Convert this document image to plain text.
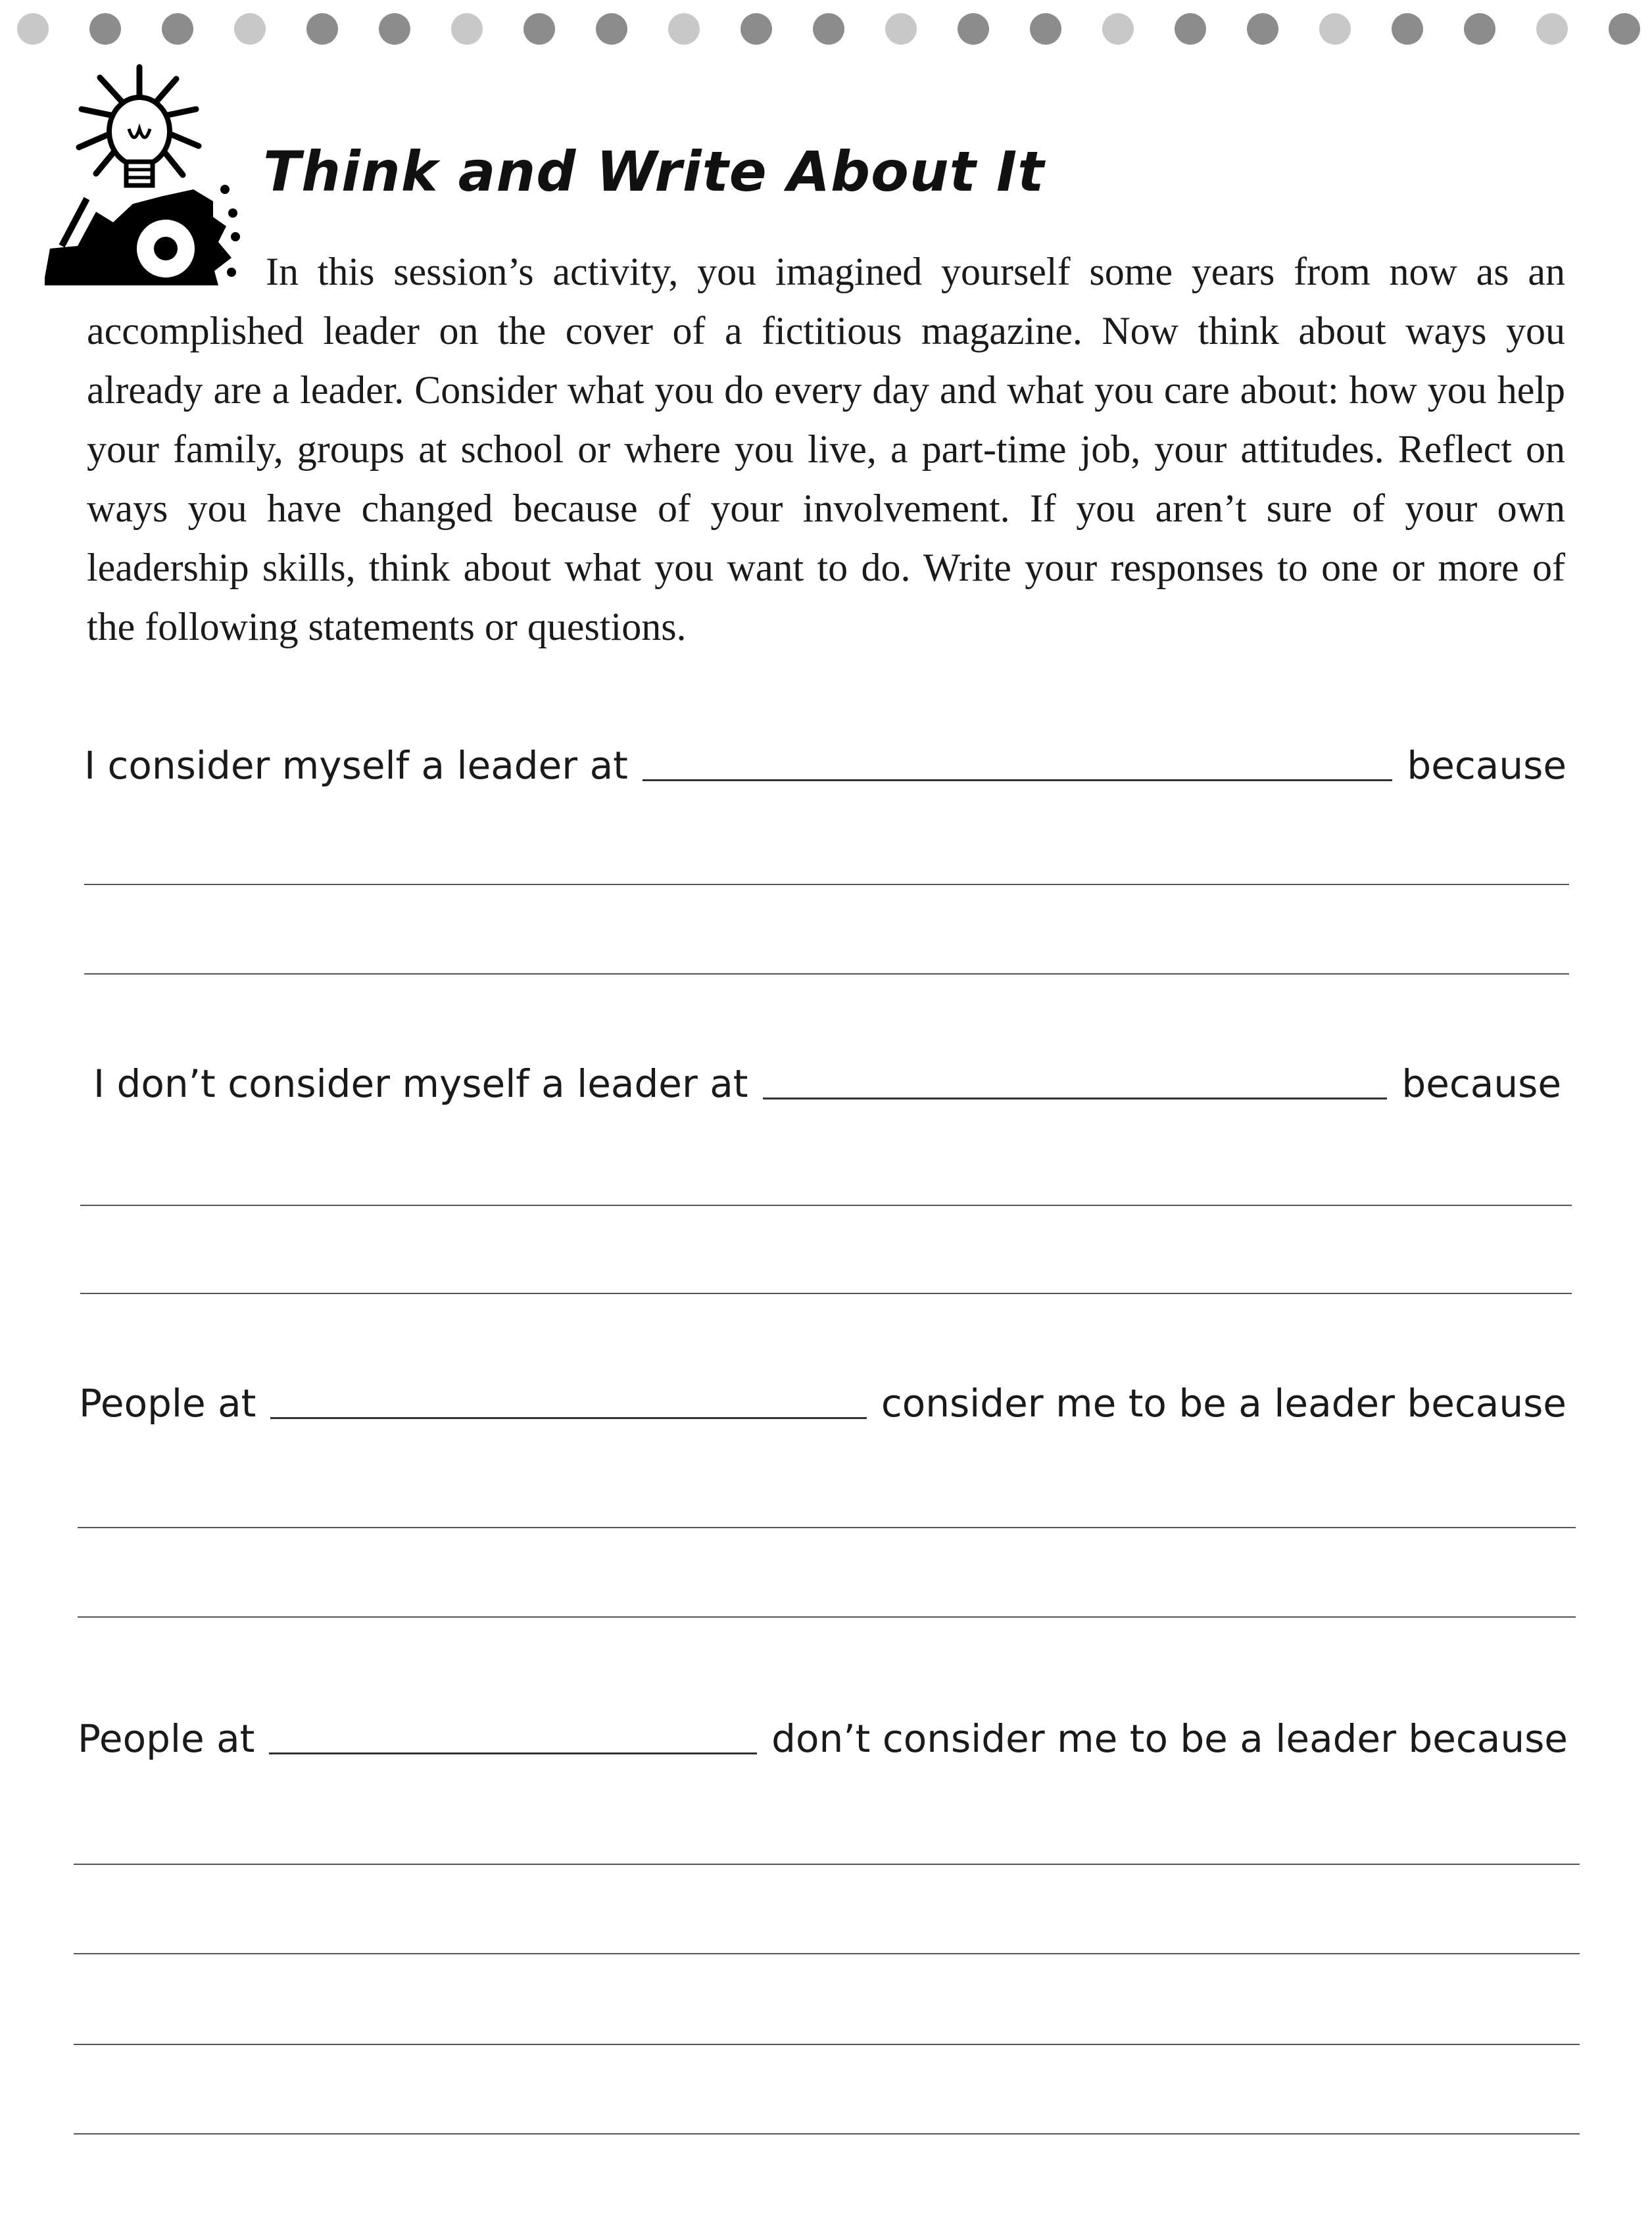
Think and Write About It

In this session’s activity, you imagined yourself some years from now as an accomplished leader on the cover of a fictitious magazine. Now think about ways you already are a leader. Consider what you do every day and what you care about: how you help your family, groups at school or where you live, a part-time job, your attitudes. Reflect on ways you have changed because of your involvement. If you aren’t sure of your own leadership skills, think about what you want to do. Write your responses to one or more of the following statements or questions.

I consider myself a leader at	because
I don’t consider myself a leader at	because
People at	consider me to be a leader because
People at	don’t consider me to be a leader because
